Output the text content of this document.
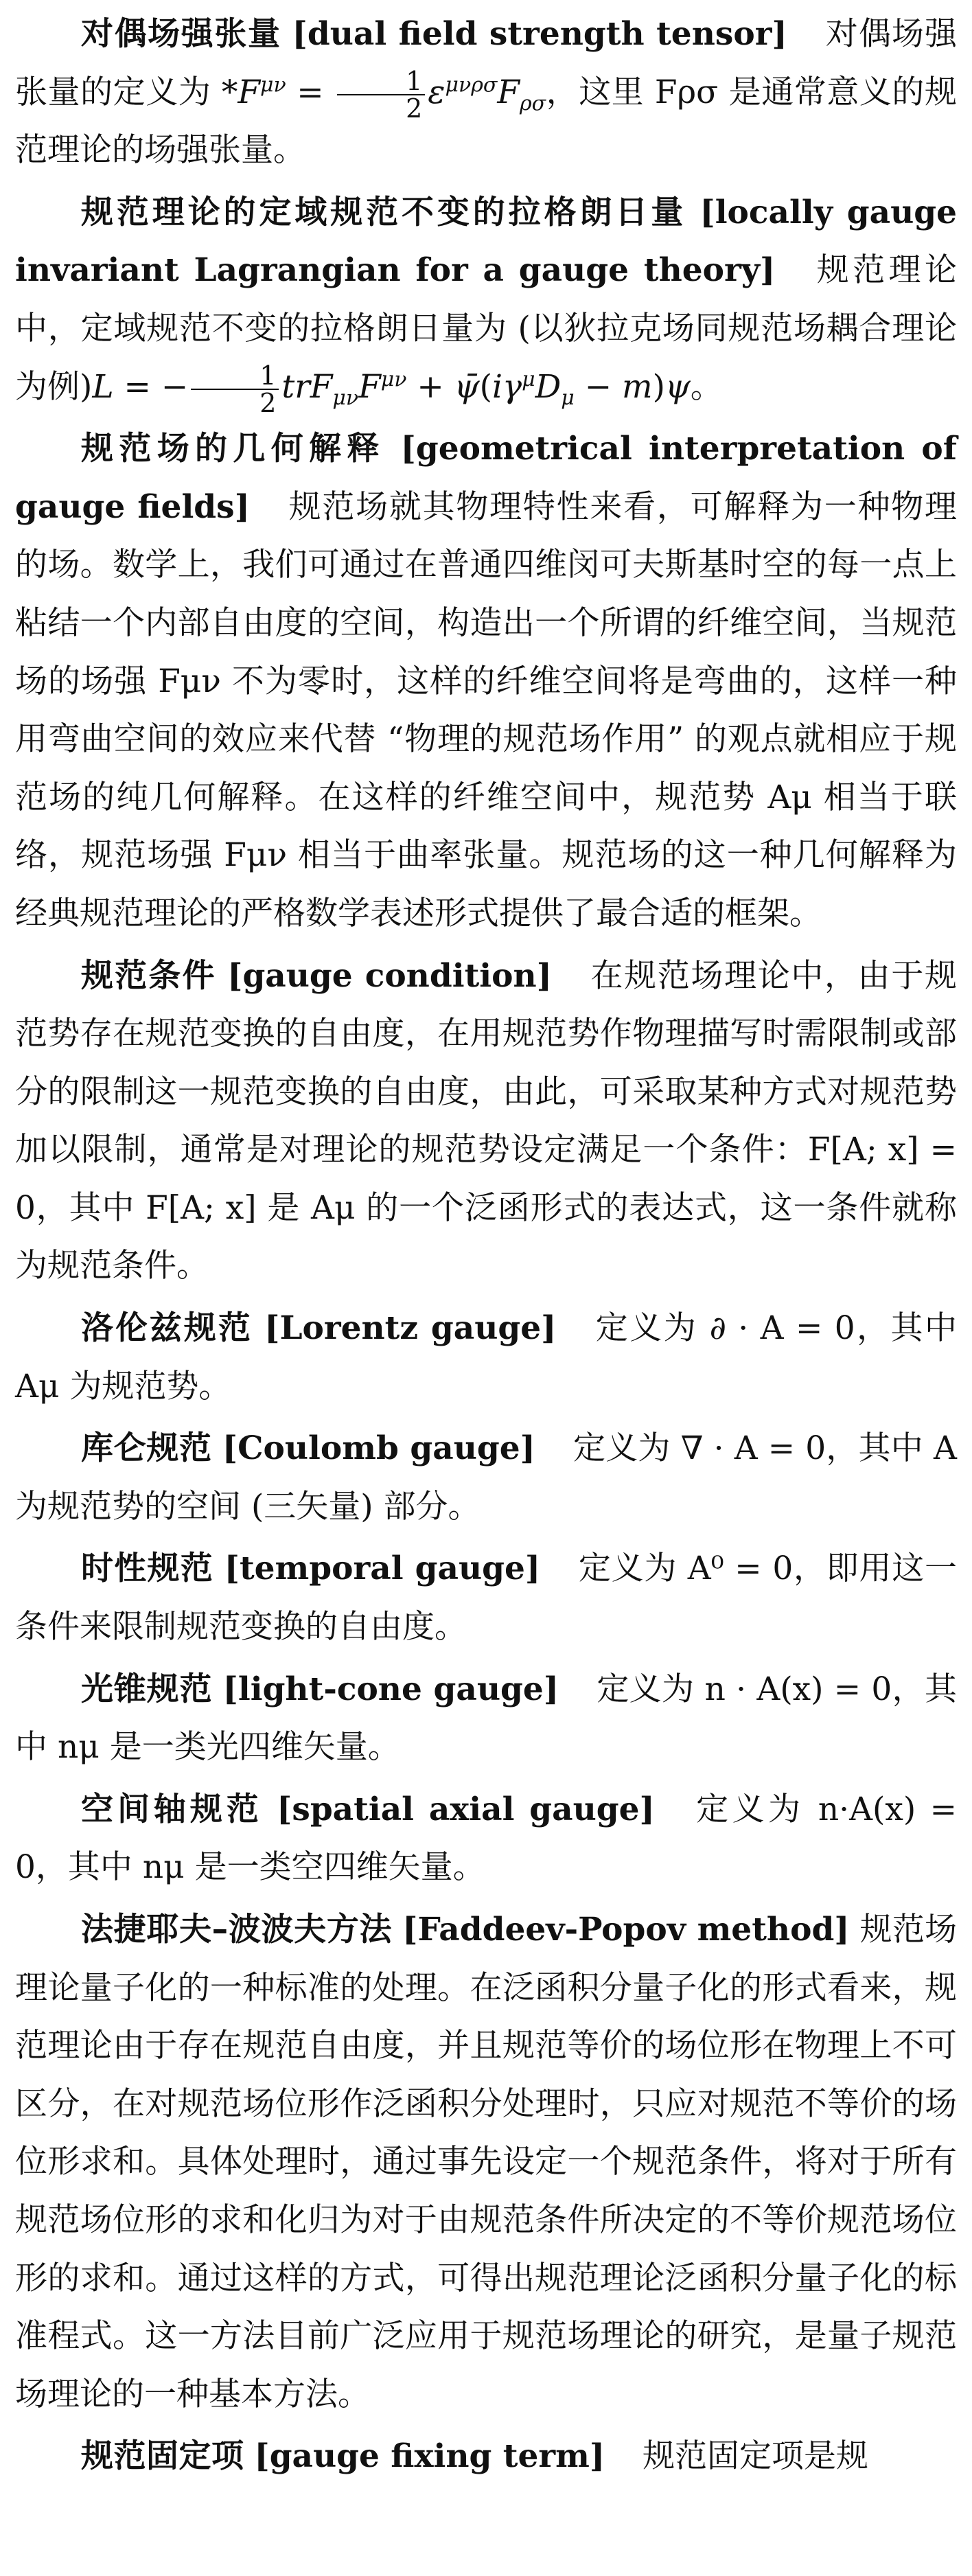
对偶场强张量 [dual field strength tensor] 对偶场强张量的定义为 $*F^{\mu\nu} = \frac{1}{2} \varepsilon^{\mu\nu\rho\sigma}F_{\rho\sigma}$，这里 Fρσ 是通常意义的规范理论的场强张量。

规范理论的定域规范不变的拉格朗日量 [locally gauge invariant Lagrangian for a gauge theory] 规范理论中，定域规范不变的拉格朗日量为 (以狄拉克场同规范场耦合理论为例)L = − $\frac{1}{2} trF_{\mu\nu}F^{\mu\nu}$ + $\psī(i\gamma^\mu D_\mu - m)\psi$。

规范场的几何解释 [geometrical interpretation of gauge fields] 规范场就其物理特性来看，可解释为一种物理的场。数学上，我们可通过在普通四维闵可夫斯基时空的每一点上粘结一个内部自由度的空间，构造出一个所谓的纤维空间，当规范场的场强 Fμν 不为零时，这样的纤维空间将是弯曲的，这样一种用弯曲空间的效应来代替 “物理的规范场作用” 的观点就相应于规范场的纯几何解释。在这样的纤维空间中，规范势 Aμ 相当于联络，规范场强 Fμν 相当于曲率张量。规范场的这一种几何解释为经典规范理论的严格数学表述形式提供了最合适的框架。

规范条件 [gauge condition] 在规范场理论中，由于规范势存在规范变换的自由度，在用规范势作物理描写时需限制或部分的限制这一规范变换的自由度，由此，可采取某种方式对规范势加以限制，通常是对理论的规范势设定满足一个条件：F[A; x] = 0，其中 F[A; x] 是 Aμ 的一个泛函形式的表达式，这一条件就称为规范条件。

洛伦兹规范 [Lorentz gauge] 定义为 ∂ · A = 0，其中 Aμ 为规范势。

库仑规范 [Coulomb gauge] 定义为 ∇ · A = 0，其中 A 为规范势的空间 (三矢量) 部分。

时性规范 [temporal gauge] 定义为 A⁰ = 0，即用这一条件来限制规范变换的自由度。

光锥规范 [light-cone gauge] 定义为 n · A(x) = 0，其中 nμ 是一类光四维矢量。

空间轴规范 [spatial axial gauge] 定义为 n·A(x) = 0，其中 nμ 是一类空四维矢量。

法捷耶夫–波波夫方法 [Faddeev-Popov method] 规范场理论量子化的一种标准的处理。在泛函积分量子化的形式看来，规范理论由于存在规范自由度，并且规范等价的场位形在物理上不可区分，在对规范场位形作泛函积分处理时，只应对规范不等价的场位形求和。具体处理时，通过事先设定一个规范条件，将对于所有规范场位形的求和化归为对于由规范条件所决定的不等价规范场位形的求和。通过这样的方式，可得出规范理论泛函积分量子化的标准程式。这一方法目前广泛应用于规范场理论的研究，是量子规范场理论的一种基本方法。

规范固定项 [gauge fixing term] 规范固定项是规
